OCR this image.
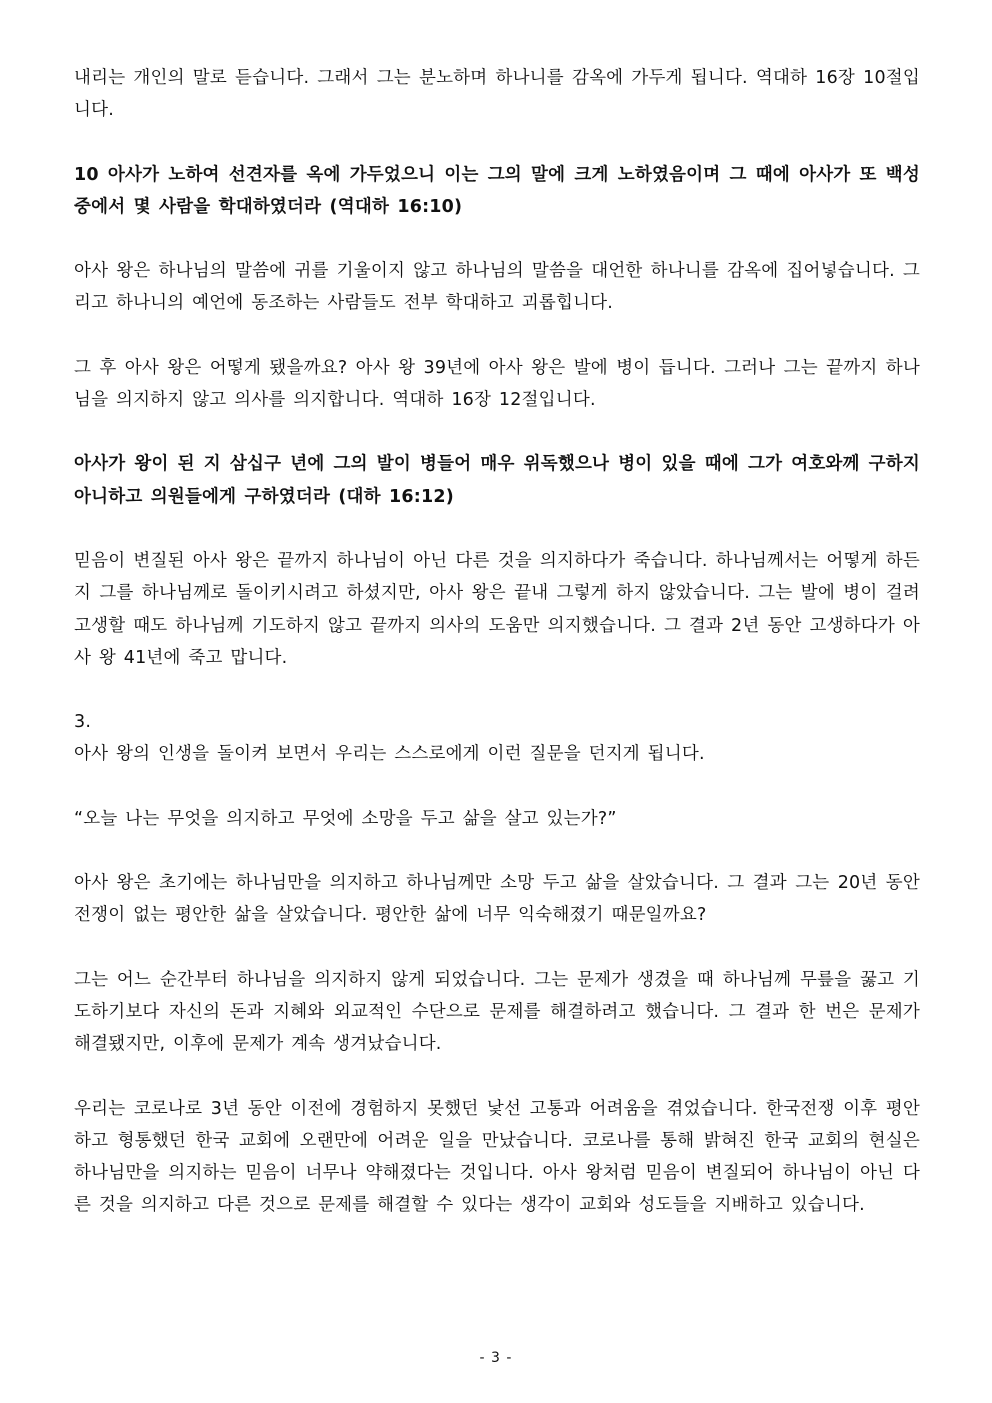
내리는 개인의 말로 듣습니다. 그래서 그는 분노하며 하나니를 감옥에 가두게 됩니다. 역대하 16장 10절입니다.

10 아사가 노하여 선견자를 옥에 가두었으니 이는 그의 말에 크게 노하였음이며 그 때에 아사가 또 백성 중에서 몇 사람을 학대하였더라 (역대하 16:10)

아사 왕은 하나님의 말씀에 귀를 기울이지 않고 하나님의 말씀을 대언한 하나니를 감옥에 집어넣습니다. 그리고 하나니의 예언에 동조하는 사람들도 전부 학대하고 괴롭힙니다.

그 후 아사 왕은 어떻게 됐을까요? 아사 왕 39년에 아사 왕은 발에 병이 듭니다. 그러나 그는 끝까지 하나님을 의지하지 않고 의사를 의지합니다. 역대하 16장 12절입니다.

아사가 왕이 된 지 삼십구 년에 그의 발이 병들어 매우 위독했으나 병이 있을 때에 그가 여호와께 구하지 아니하고 의원들에게 구하였더라 (대하 16:12)

믿음이 변질된 아사 왕은 끝까지 하나님이 아닌 다른 것을 의지하다가 죽습니다. 하나님께서는 어떻게 하든지 그를 하나님께로 돌이키시려고 하셨지만, 아사 왕은 끝내 그렇게 하지 않았습니다. 그는 발에 병이 걸려 고생할 때도 하나님께 기도하지 않고 끝까지 의사의 도움만 의지했습니다. 그 결과 2년 동안 고생하다가 아사 왕 41년에 죽고 맙니다.

3.

아사 왕의 인생을 돌이켜 보면서 우리는 스스로에게 이런 질문을 던지게 됩니다.

“오늘 나는 무엇을 의지하고 무엇에 소망을 두고 삶을 살고 있는가?”

아사 왕은 초기에는 하나님만을 의지하고 하나님께만 소망 두고 삶을 살았습니다. 그 결과 그는 20년 동안 전쟁이 없는 평안한 삶을 살았습니다. 평안한 삶에 너무 익숙해졌기 때문일까요?

그는 어느 순간부터 하나님을 의지하지 않게 되었습니다. 그는 문제가 생겼을 때 하나님께 무릎을 꿇고 기도하기보다 자신의 돈과 지혜와 외교적인 수단으로 문제를 해결하려고 했습니다. 그 결과 한 번은 문제가 해결됐지만, 이후에 문제가 계속 생겨났습니다.

우리는 코로나로 3년 동안 이전에 경험하지 못했던 낯선 고통과 어려움을 겪었습니다. 한국전쟁 이후 평안하고 형통했던 한국 교회에 오랜만에 어려운 일을 만났습니다. 코로나를 통해 밝혀진 한국 교회의 현실은 하나님만을 의지하는 믿음이 너무나 약해졌다는 것입니다. 아사 왕처럼 믿음이 변질되어 하나님이 아닌 다른 것을 의지하고 다른 것으로 문제를 해결할 수 있다는 생각이 교회와 성도들을 지배하고 있습니다.

- 3 -
